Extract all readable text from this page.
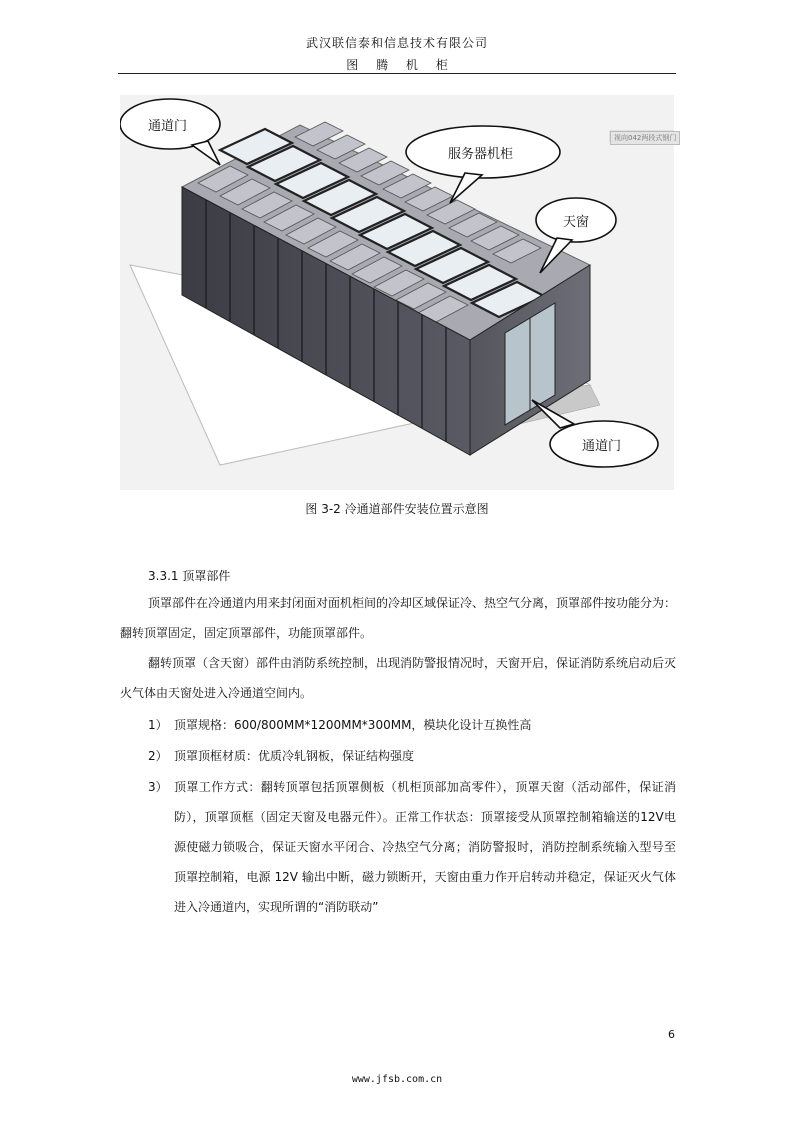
武汉联信泰和信息技术有限公司
图 腾 机 柜
通道门
服务器机柜
天窗
通道门
视向042两段式钢门
图 3-2 冷通道部件安装位置示意图
3.3.1 顶罩部件
顶罩部件在冷通道内用来封闭面对面机柜间的冷却区域保证冷、热空气分离，顶罩部件按功能分为：翻转顶罩固定，固定顶罩部件，功能顶罩部件。
翻转顶罩（含天窗）部件由消防系统控制，出现消防警报情况时，天窗开启，保证消防系统启动后灭火气体由天窗处进入冷通道空间内。
1） 顶罩规格：600/800MM*1200MM*300MM，模块化设计互换性高
2） 顶罩顶框材质：优质冷轧钢板，保证结构强度
3） 顶罩工作方式：翻转顶罩包括顶罩侧板（机柜顶部加高零件），顶罩天窗（活动部件，保证消防），顶罩顶框（固定天窗及电器元件）。正常工作状态：顶罩接受从顶罩控制箱输送的12V电源使磁力锁吸合，保证天窗水平闭合、冷热空气分离；消防警报时，消防控制系统输入型号至顶罩控制箱，电源 12V 输出中断，磁力锁断开，天窗由重力作开启转动并稳定，保证灭火气体进入冷通道内，实现所谓的“消防联动”
6
www.jfsb.com.cn
